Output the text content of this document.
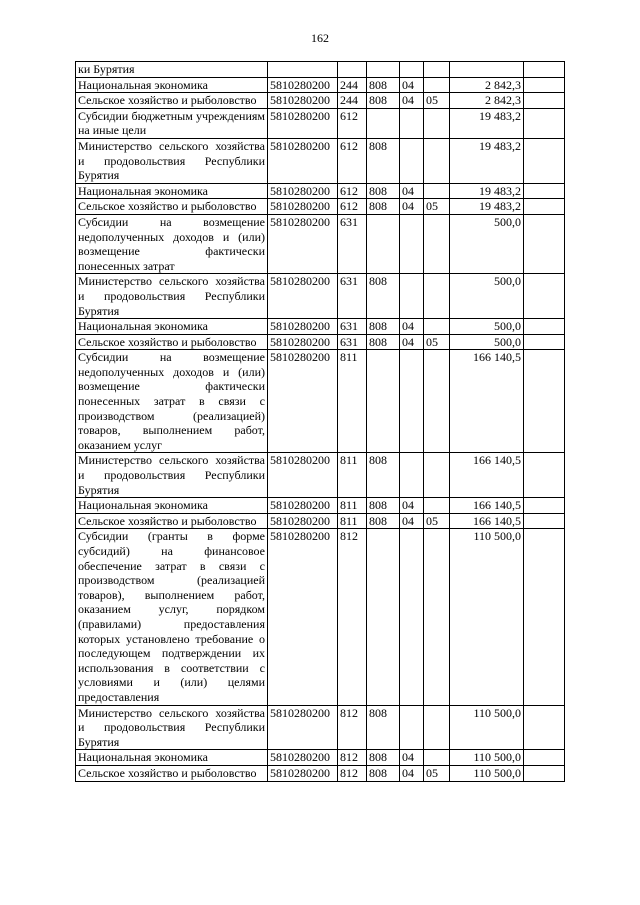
162
ки Бурятия							
Национальная экономика	5810280200	244	808	04		2 842,3	
Сельское хозяйство и рыболовство	5810280200	244	808	04	05	2 842,3	
Субсидии бюджетным учреждениям на иные цели	5810280200	612				19 483,2	
Министерство сельского хозяйства и продовольствия Республики Бурятия	5810280200	612	808			19 483,2	
Национальная экономика	5810280200	612	808	04		19 483,2	
Сельское хозяйство и рыболовство	5810280200	612	808	04	05	19 483,2	
Субсидии на возмещение недополученных доходов и (или) возмещение фактически понесенных затрат	5810280200	631				500,0	
Министерство сельского хозяйства и продовольствия Республики Бурятия	5810280200	631	808			500,0	
Национальная экономика	5810280200	631	808	04		500,0	
Сельское хозяйство и рыболовство	5810280200	631	808	04	05	500,0	
Субсидии на возмещение недополученных доходов и (или) возмещение фактически понесенных затрат в связи с производством (реализацией) товаров, выполнением работ, оказанием услуг	5810280200	811				166 140,5	
Министерство сельского хозяйства и продовольствия Республики Бурятия	5810280200	811	808			166 140,5	
Национальная экономика	5810280200	811	808	04		166 140,5	
Сельское хозяйство и рыболовство	5810280200	811	808	04	05	166 140,5	
Субсидии (гранты в форме субсидий) на финансовое обеспечение затрат в связи с производством (реализацией товаров), выполнением работ, оказанием услуг, порядком (правилами) предоставления которых установлено требование о последующем подтверждении их использования в соответствии с условиями и (или) целями предоставления	5810280200	812				110 500,0	
Министерство сельского хозяйства и продовольствия Республики Бурятия	5810280200	812	808			110 500,0	
Национальная экономика	5810280200	812	808	04		110 500,0	
Сельское хозяйство и рыболовство	5810280200	812	808	04	05	110 500,0	
